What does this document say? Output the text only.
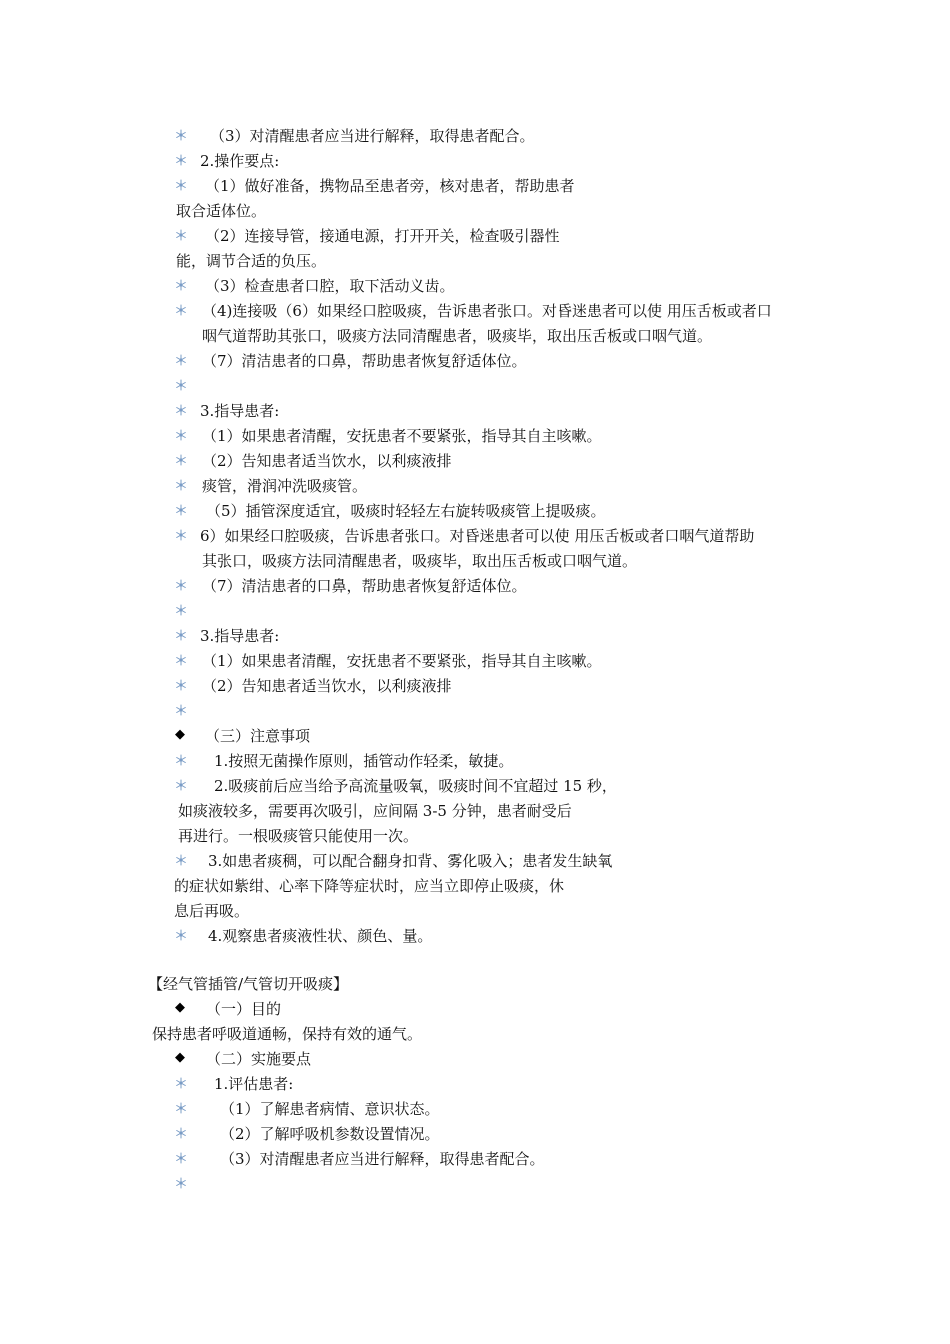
◆
◆
◆
（3）对清醒患者应当进行解释，取得患者配合。
2.操作要点:
（1）做好准备，携物品至患者旁，核对患者，帮助患者
取合适体位。
（2）连接导管，接通电源，打开开关，检查吸引器性
能，调节合适的负压。
（3）检查患者口腔，取下活动义齿。
（4)连接吸（6）如果经口腔吸痰，告诉患者张口。对昏迷患者可以使 用压舌板或者口
咽气道帮助其张口，吸痰方法同清醒患者，吸痰毕，取出压舌板或口咽气道。
（7）清洁患者的口鼻，帮助患者恢复舒适体位。
3.指导患者:
（1）如果患者清醒，安抚患者不要紧张，指导其自主咳嗽。
（2）告知患者适当饮水，以利痰液排
痰管，滑润冲洗吸痰管。
（5）插管深度适宜，吸痰时轻轻左右旋转吸痰管上提吸痰。
6）如果经口腔吸痰，告诉患者张口。对昏迷患者可以使 用压舌板或者口咽气道帮助
其张口，吸痰方法同清醒患者，吸痰毕，取出压舌板或口咽气道。
（7）清洁患者的口鼻，帮助患者恢复舒适体位。
3.指导患者:
（1）如果患者清醒，安抚患者不要紧张，指导其自主咳嗽。
（2）告知患者适当饮水，以利痰液排
（三）注意事项
1.按照无菌操作原则，插管动作轻柔，敏捷。
2.吸痰前后应当给予高流量吸氧，吸痰时间不宜超过 15 秒，
如痰液较多，需要再次吸引，应间隔 3-5 分钟，患者耐受后
再进行。一根吸痰管只能使用一次。
3.如患者痰稠，可以配合翻身扣背、雾化吸入；患者发生缺氧
的症状如紫绀、心率下降等症状时，应当立即停止吸痰，休
息后再吸。
4.观察患者痰液性状、颜色、量。
【经气管插管/气管切开吸痰】
（一）目的
保持患者呼吸道通畅，保持有效的通气。
（二）实施要点
1.评估患者:
（1）了解患者病情、意识状态。
（2）了解呼吸机参数设置情况。
（3）对清醒患者应当进行解释，取得患者配合。
